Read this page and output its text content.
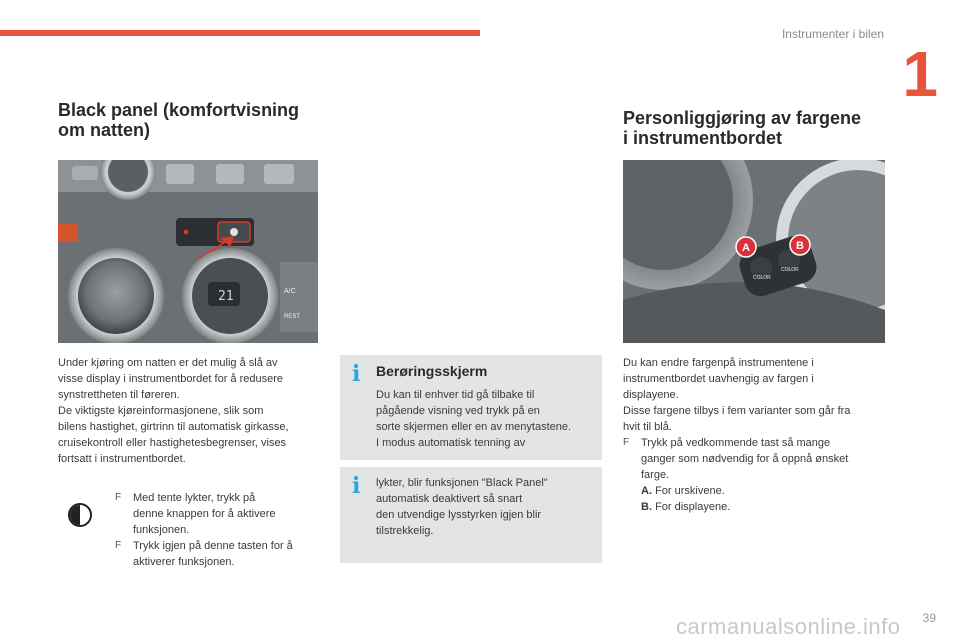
Instrumenter i bilen
1
Black panel (komfortvisning
om natten)
21	A/C
REST

Under kjøring om natten er det mulig å slå av

visse display i instrumentbordet for å redusere

synstrettheten til føreren.

De viktigste kjøreinformasjonene, slik som

bilens hastighet, girtrinn til automatisk girkasse,

cruisekontroll eller hastighetesbegrenser, vises

fortsatt i instrumentbordet.

F	Med tente lykter, trykk på

denne knappen for å aktivere

funksjonen.

F	Trykk igjen på denne tasten for å

aktiverer funksjonen.

i	Berøringsskjerm

Du kan til enhver tid gå tilbake til

pågående visning ved trykk på en

sorte skjermen eller en av menytastene.

I modus automatisk tenning av

i	lykter, blir funksjonen "Black Panel"

automatisk deaktivert så snart

den utvendige lysstyrken igjen blir

tilstrekkelig.

Personliggjøring av fargene
i instrumentbordet
COLOR
COLOR
A	B

Du kan endre fargenpå instrumentene i

instrumentbordet uavhengig av fargen i

displayene.

Disse fargene tilbys i fem varianter som går fra

hvit til blå.

F	Trykk på vedkommende tast så mange

ganger som nødvendig for å oppnå ønsket

farge.

A. For urskivene.

B. For displayene.

carmanualsonline.info 39
